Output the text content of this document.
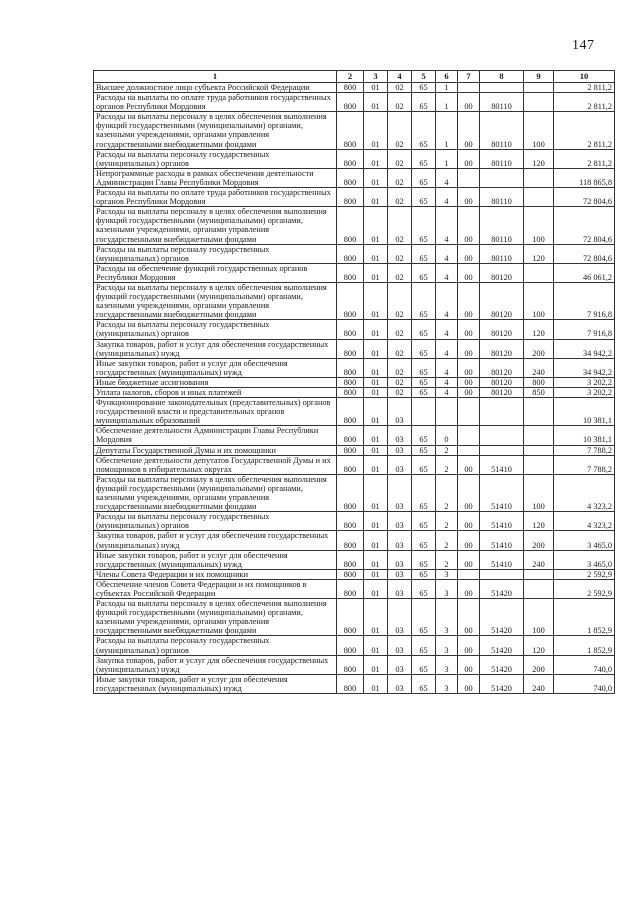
147
1	2	3	4	5	6	7	8	9	10
Высшее должностное лицо субъекта Российской Федерации	800	01	02	65	1				2 811,2
Расходы на выплаты по оплате труда работников государственных органов Республики Мордовия	800	01	02	65	1	00	80110		2 811,2
Расходы на выплаты персоналу в целях обеспечения выполнения функций государственными (муниципальными) органами, казенными учреждениями, органами управления государственными внебюджетными фондами	800	01	02	65	1	00	80110	100	2 811,2
Расходы на выплаты персоналу государственных (муниципальных) органов	800	01	02	65	1	00	80110	120	2 811,2
Непрограммные расходы в рамках обеспечения деятельности Администрации Главы Республики Мордовия	800	01	02	65	4				118 865,8
Расходы на выплаты по оплате труда работников государственных органов Республики Мордовия	800	01	02	65	4	00	80110		72 804,6
Расходы на выплаты персоналу в целях обеспечения выполнения функций государственными (муниципальными) органами, казенными учреждениями, органами управления государственными внебюджетными фондами	800	01	02	65	4	00	80110	100	72 804,6
Расходы на выплаты персоналу государственных (муниципальных) органов	800	01	02	65	4	00	80110	120	72 804,6
Расходы на обеспечение функций государственных органов Республики Мордовия	800	01	02	65	4	00	80120		46 061,2
Расходы на выплаты персоналу в целях обеспечения выполнения функций государственными (муниципальными) органами, казенными учреждениями, органами управления государственными внебюджетными фондами	800	01	02	65	4	00	80120	100	7 916,8
Расходы на выплаты персоналу государственных (муниципальных) органов	800	01	02	65	4	00	80120	120	7 916,8
Закупка товаров, работ и услуг для обеспечения государственных (муниципальных) нужд	800	01	02	65	4	00	80120	200	34 942,2
Иные закупки товаров, работ и услуг для обеспечения государственных (муниципальных) нужд	800	01	02	65	4	00	80120	240	34 942,2
Иные бюджетные ассигнования	800	01	02	65	4	00	80120	800	3 202,2
Уплата налогов, сборов и иных платежей	800	01	02	65	4	00	80120	850	3 202,2
Функционирование законодательных (представительных) органов государственной власти и представительных органов муниципальных образований	800	01	03						10 381,1
Обеспечение деятельности Администрации Главы Республики Мордовия	800	01	03	65	0				10 381,1
Депутаты Государственной Думы и их помощники	800	01	03	65	2				7 788,2
Обеспечение деятельности депутатов Государственной Думы и их помощников в избирательных округах	800	01	03	65	2	00	51410		7 788,2
Расходы на выплаты персоналу в целях обеспечения выполнения функций государственными (муниципальными) органами, казенными учреждениями, органами управления государственными внебюджетными фондами	800	01	03	65	2	00	51410	100	4 323,2
Расходы на выплаты персоналу государственных (муниципальных) органов	800	01	03	65	2	00	51410	120	4 323,2
Закупка товаров, работ и услуг для обеспечения государственных (муниципальных) нужд	800	01	03	65	2	00	51410	200	3 465,0
Иные закупки товаров, работ и услуг для обеспечения государственных (муниципальных) нужд	800	01	03	65	2	00	51410	240	3 465,0
Члены Совета Федерации и их помощники	800	01	03	65	3				2 592,9
Обеспечение членов Совета Федерации и их помощников в субъектах Российской Федерации	800	01	03	65	3	00	51420		2 592,9
Расходы на выплаты персоналу в целях обеспечения выполнения функций государственными (муниципальными) органами, казенными учреждениями, органами управления государственными внебюджетными фондами	800	01	03	65	3	00	51420	100	1 852,9
Расходы на выплаты персоналу государственных (муниципальных) органов	800	01	03	65	3	00	51420	120	1 852,9
Закупка товаров, работ и услуг для обеспечения государственных (муниципальных) нужд	800	01	03	65	3	00	51420	200	740,0
Иные закупки товаров, работ и услуг для обеспечения государственных (муниципальных) нужд	800	01	03	65	3	00	51420	240	740,0
